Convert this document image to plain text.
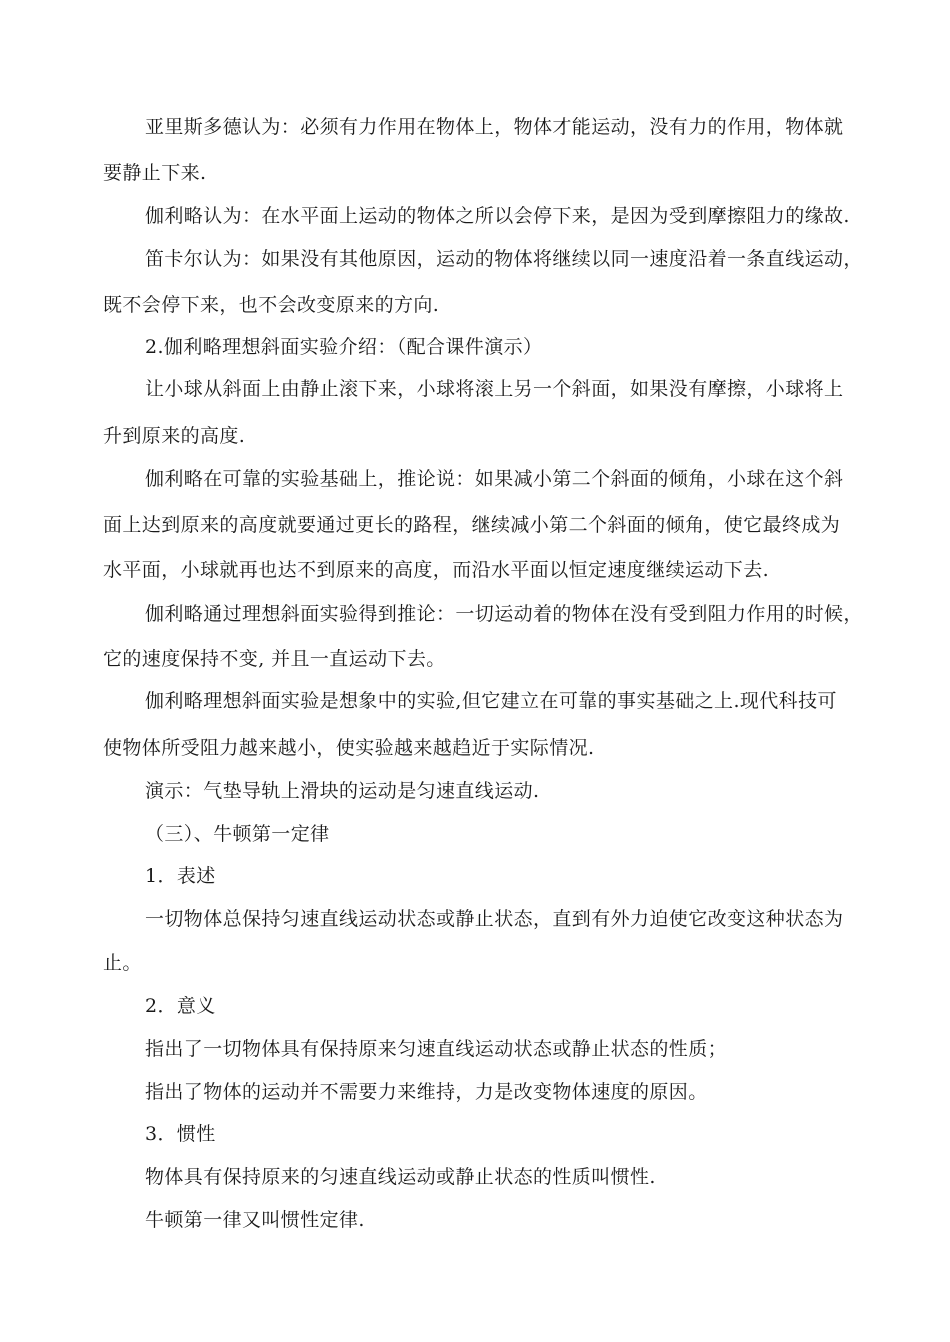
亚里斯多德认为：必须有力作用在物体上，物体才能运动，没有力的作用，物体就
要静止下来.
伽利略认为：在水平面上运动的物体之所以会停下来，是因为受到摩擦阻力的缘故.
笛卡尔认为：如果没有其他原因，运动的物体将继续以同一速度沿着一条直线运动，
既不会停下来，也不会改变原来的方向.
2.伽利略理想斜面实验介绍：（配合课件演示）
让小球从斜面上由静止滚下来，小球将滚上另一个斜面，如果没有摩擦，小球将上
升到原来的高度.
伽利略在可靠的实验基础上，推论说：如果减小第二个斜面的倾角，小球在这个斜
面上达到原来的高度就要通过更长的路程，继续减小第二个斜面的倾角，使它最终成为
水平面，小球就再也达不到原来的高度，而沿水平面以恒定速度继续运动下去.
伽利略通过理想斜面实验得到推论：一切运动着的物体在没有受到阻力作用的时候，
它的速度保持不变, 并且一直运动下去。
伽利略理想斜面实验是想象中的实验,但它建立在可靠的事实基础之上.现代科技可
使物体所受阻力越来越小，使实验越来越趋近于实际情况.
演示：气垫导轨上滑块的运动是匀速直线运动.
（三）、牛顿第一定律
1．表述
一切物体总保持匀速直线运动状态或静止状态，直到有外力迫使它改变这种状态为
止。
2．意义
指出了一切物体具有保持原来匀速直线运动状态或静止状态的性质；
指出了物体的运动并不需要力来维持，力是改变物体速度的原因。
3．惯性
物体具有保持原来的匀速直线运动或静止状态的性质叫惯性.
牛顿第一律又叫惯性定律.
